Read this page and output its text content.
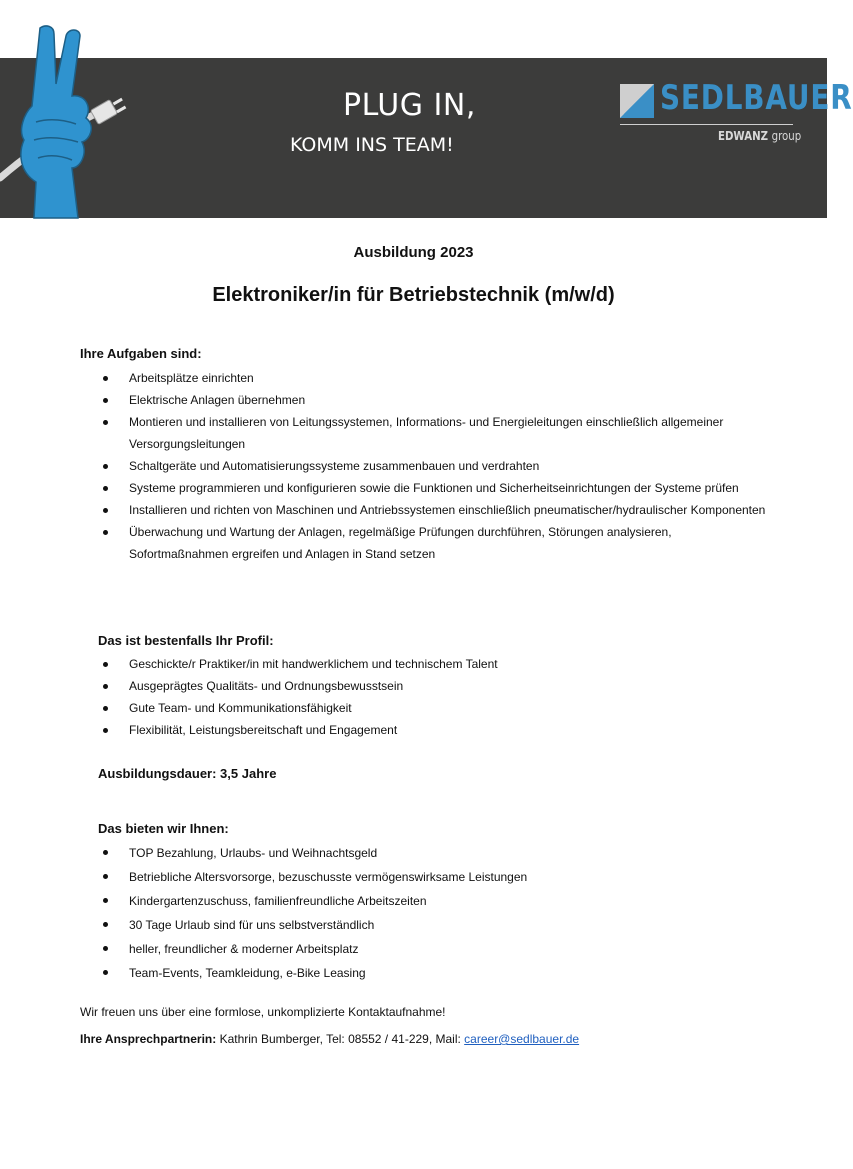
PLUG IN,
KOMM INS TEAM!
SEDLBAUER
EDWANZ group
Ausbildung 2023
Elektroniker/in für Betriebstechnik (m/w/d)
Ihre Aufgaben sind:
Arbeitsplätze einrichten
Elektrische Anlagen übernehmen
Montieren und installieren von Leitungssystemen, Informations- und Energieleitungen einschließlich allgemeiner Versorgungsleitungen
Schaltgeräte und Automatisierungssysteme zusammenbauen und verdrahten
Systeme programmieren und konfigurieren sowie die Funktionen und Sicherheitseinrichtungen der Systeme prüfen
Installieren und richten von Maschinen und Antriebssystemen einschließlich pneumatischer/hydraulischer Komponenten
Überwachung und Wartung der Anlagen, regelmäßige Prüfungen durchführen, Störungen analysieren, Sofortmaßnahmen ergreifen und Anlagen in Stand setzen
Das ist bestenfalls Ihr Profil:
Geschickte/r Praktiker/in mit handwerklichem und technischem Talent
Ausgeprägtes Qualitäts- und Ordnungsbewusstsein
Gute Team- und Kommunikationsfähigkeit
Flexibilität, Leistungsbereitschaft und Engagement
Ausbildungsdauer: 3,5 Jahre
Das bieten wir Ihnen:
TOP Bezahlung, Urlaubs- und Weihnachtsgeld
Betriebliche Altersvorsorge, bezuschusste vermögenswirksame Leistungen
Kindergartenzuschuss, familienfreundliche Arbeitszeiten
30 Tage Urlaub sind für uns selbstverständlich
heller, freundlicher & moderner Arbeitsplatz
Team-Events, Teamkleidung, e-Bike Leasing
Wir freuen uns über eine formlose, unkomplizierte Kontaktaufnahme!
Ihre Ansprechpartnerin: Kathrin Bumberger, Tel: 08552 / 41-229, Mail: career@sedlbauer.de
